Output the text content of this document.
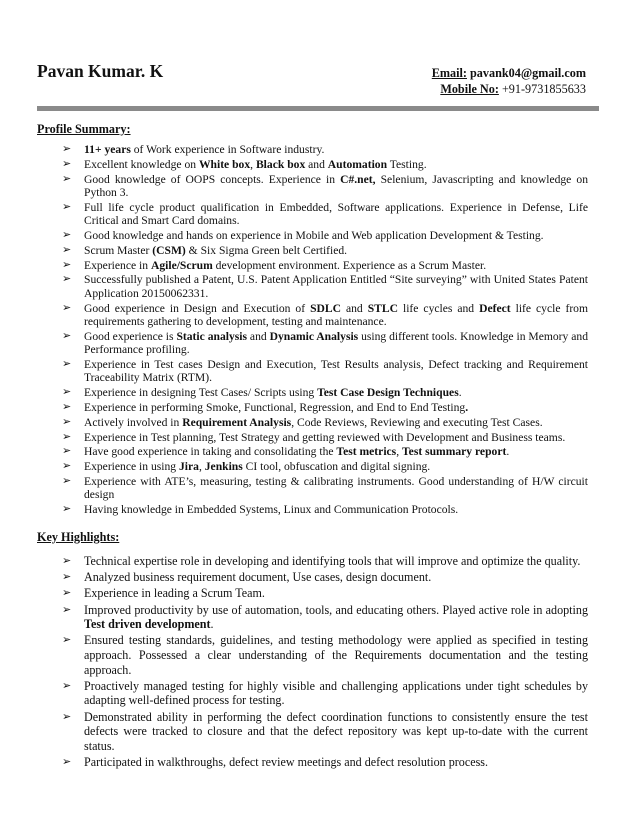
Pavan Kumar. K	Email: pavank04@gmail.com
Mobile No: +91-9731855633
Profile Summary:
➢ 11+ years of Work experience in Software industry.
➢ Excellent knowledge on White box, Black box and Automation Testing.
➢ Good knowledge of OOPS concepts. Experience in C#.net, Selenium, Javascripting and knowledge on Python 3.
➢ Full life cycle product qualification in Embedded, Software applications. Experience in Defense, Life Critical and Smart Card domains.
➢ Good knowledge and hands on experience in Mobile and Web application Development & Testing.
➢ Scrum Master (CSM) & Six Sigma Green belt Certified.
➢ Experience in Agile/Scrum development environment. Experience as a Scrum Master.
➢ Successfully published a Patent, U.S. Patent Application Entitled “Site surveying” with United States Patent Application 20150062331.
➢ Good experience in Design and Execution of SDLC and STLC life cycles and Defect life cycle from requirements gathering to development, testing and maintenance.
➢ Good experience is Static analysis and Dynamic Analysis using different tools. Knowledge in Memory and Performance profiling.
➢ Experience in Test cases Design and Execution, Test Results analysis, Defect tracking and Requirement Traceability Matrix (RTM).
➢ Experience in designing Test Cases/ Scripts using Test Case Design Techniques.
➢ Experience in performing Smoke, Functional, Regression, and End to End Testing.
➢ Actively involved in Requirement Analysis, Code Reviews, Reviewing and executing Test Cases.
➢ Experience in Test planning, Test Strategy and getting reviewed with Development and Business teams.
➢ Have good experience in taking and consolidating the Test metrics, Test summary report.
➢ Experience in using Jira, Jenkins CI tool, obfuscation and digital signing.
➢ Experience with ATE’s, measuring, testing & calibrating instruments. Good understanding of H/W circuit design
➢ Having knowledge in Embedded Systems, Linux and Communication Protocols.
Key Highlights:
➢ Technical expertise role in developing and identifying tools that will improve and optimize the quality.
➢ Analyzed business requirement document, Use cases, design document.
➢ Experience in leading a Scrum Team.
➢ Improved productivity by use of automation, tools, and educating others. Played active role in adopting Test driven development.
➢ Ensured testing standards, guidelines, and testing methodology were applied as specified in testing approach. Possessed a clear understanding of the Requirements documentation and the testing approach.
➢ Proactively managed testing for highly visible and challenging applications under tight schedules by adapting well-defined process for testing.
➢ Demonstrated ability in performing the defect coordination functions to consistently ensure the test defects were tracked to closure and that the defect repository was kept up-to-date with the current status.
➢ Participated in walkthroughs, defect review meetings and defect resolution process.
